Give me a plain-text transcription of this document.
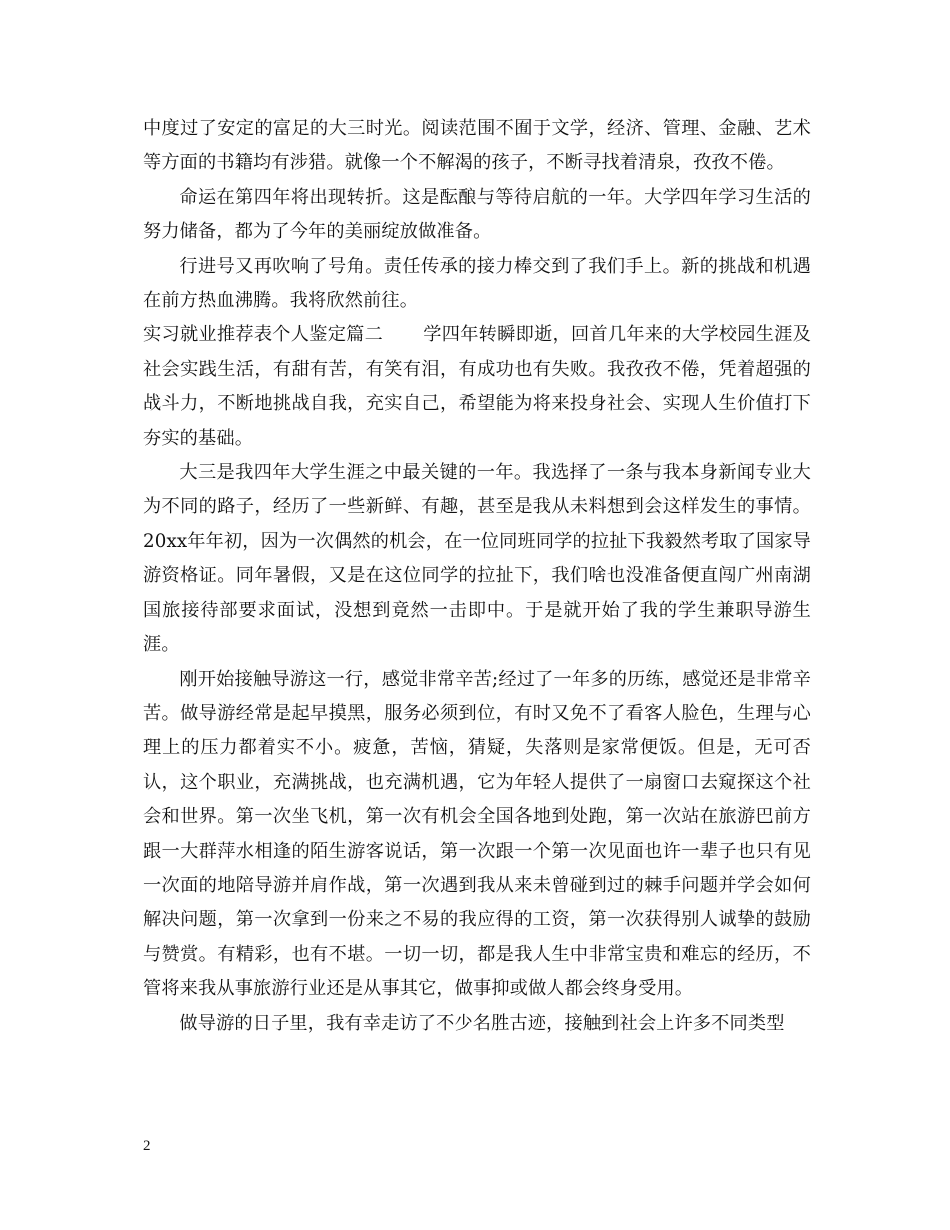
中度过了安定的富足的大三时光。阅读范围不囿于文学，经济、管理、金融、艺术等方面的书籍均有涉猎。就像一个不解渴的孩子，不断寻找着清泉，孜孜不倦。

命运在第四年将出现转折。这是酝酿与等待启航的一年。大学四年学习生活的努力储备，都为了今年的美丽绽放做准备。

行进号又再吹响了号角。责任传承的接力棒交到了我们手上。新的挑战和机遇在前方热血沸腾。我将欣然前往。

实习就业推荐表个人鉴定篇二 学四年转瞬即逝，回首几年来的大学校园生涯及社会实践生活，有甜有苦，有笑有泪，有成功也有失败。我孜孜不倦，凭着超强的战斗力，不断地挑战自我，充实自己，希望能为将来投身社会、实现人生价值打下夯实的基础。

大三是我四年大学生涯之中最关键的一年。我选择了一条与我本身新闻专业大为不同的路子，经历了一些新鲜、有趣，甚至是我从未料想到会这样发生的事情。20xx年年初，因为一次偶然的机会，在一位同班同学的拉扯下我毅然考取了国家导游资格证。同年暑假，又是在这位同学的拉扯下，我们啥也没准备便直闯广州南湖国旅接待部要求面试，没想到竟然一击即中。于是就开始了我的学生兼职导游生涯。

刚开始接触导游这一行，感觉非常辛苦;经过了一年多的历练，感觉还是非常辛苦。做导游经常是起早摸黑，服务必须到位，有时又免不了看客人脸色，生理与心理上的压力都着实不小。疲惫，苦恼，猜疑，失落则是家常便饭。但是，无可否认，这个职业，充满挑战，也充满机遇，它为年轻人提供了一扇窗口去窥探这个社会和世界。第一次坐飞机，第一次有机会全国各地到处跑，第一次站在旅游巴前方跟一大群萍水相逢的陌生游客说话，第一次跟一个第一次见面也许一辈子也只有见一次面的地陪导游并肩作战，第一次遇到我从来未曾碰到过的棘手问题并学会如何解决问题，第一次拿到一份来之不易的我应得的工资，第一次获得别人诚挚的鼓励与赞赏。有精彩，也有不堪。一切一切，都是我人生中非常宝贵和难忘的经历，不管将来我从事旅游行业还是从事其它，做事抑或做人都会终身受用。

做导游的日子里，我有幸走访了不少名胜古迹，接触到社会上许多不同类型

2
